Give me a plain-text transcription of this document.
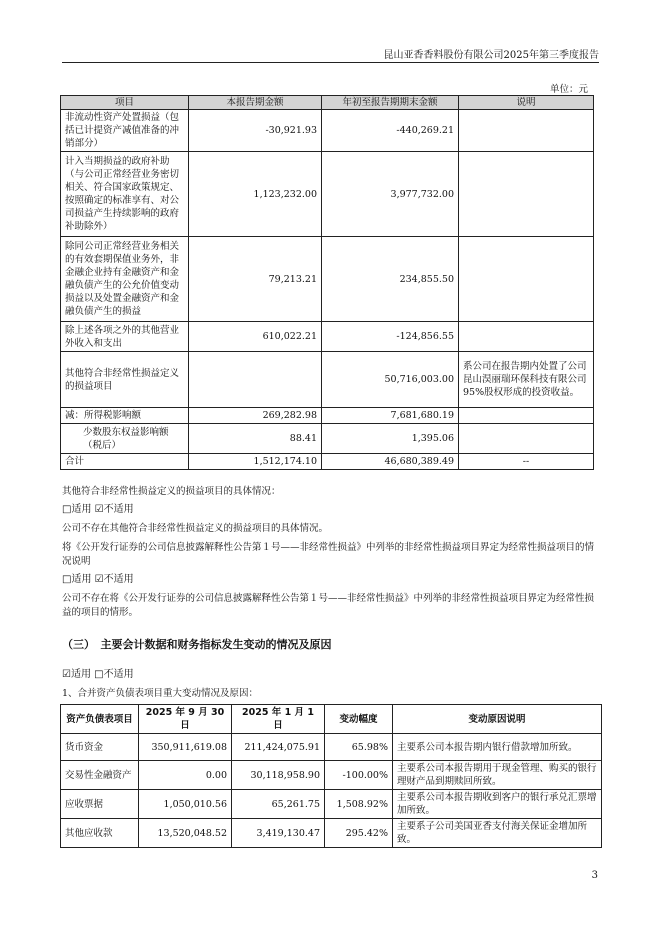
昆山亚香香料股份有限公司2025年第三季度报告
单位：元
项目	本报告期金额	年初至报告期期末金额	说明
非流动性资产处置损益（包括已计提资产减值准备的冲销部分）	-30,921.93	-440,269.21	
计入当期损益的政府补助（与公司正常经营业务密切相关、符合国家政策规定、按照确定的标准享有、对公司损益产生持续影响的政府补助除外）	1,123,232.00	3,977,732.00	
除同公司正常经营业务相关的有效套期保值业务外，非金融企业持有金融资产和金融负债产生的公允价值变动损益以及处置金融资产和金融负债产生的损益	79,213.21	234,855.50	
除上述各项之外的其他营业外收入和支出	610,022.21	-124,856.55	
其他符合非经常性损益定义的损益项目		50,716,003.00	系公司在报告期内处置了公司昆山淏丽瑞环保科技有限公司95%股权形成的投资收益。
减：所得税影响额	269,282.98	7,681,680.19	
少数股东权益影响额（税后）	88.41	1,395.06	
合计	1,512,174.10	46,680,389.49	--
其他符合非经常性损益定义的损益项目的具体情况：
□适用 ☑不适用
公司不存在其他符合非经常性损益定义的损益项目的具体情况。
将《公开发行证券的公司信息披露解释性公告第１号——非经常性损益》中列举的非经常性损益项目界定为经常性损益项目的情况说明
□适用 ☑不适用
公司不存在将《公开发行证券的公司信息披露解释性公告第１号——非经常性损益》中列举的非经常性损益项目界定为经常性损益的项目的情形。
（三）　主要会计数据和财务指标发生变动的情况及原因
☑适用 □不适用
1、合并资产负债表项目重大变动情况及原因：
资产负债表项目	2025 年 9 月 30 日	2025 年 1 月 1 日	变动幅度	变动原因说明
货币资金	350,911,619.08	211,424,075.91	65.98%	主要系公司本报告期内银行借款增加所致。
交易性金融资产	0.00	30,118,958.90	-100.00%	主要系公司本报告期用于现金管理、购买的银行理财产品到期赎回所致。
应收票据	1,050,010.56	65,261.75	1,508.92%	主要系公司本报告期收到客户的银行承兑汇票增加所致。
其他应收款	13,520,048.52	3,419,130.47	295.42%	主要系子公司美国亚香支付海关保证金增加所致。
3
